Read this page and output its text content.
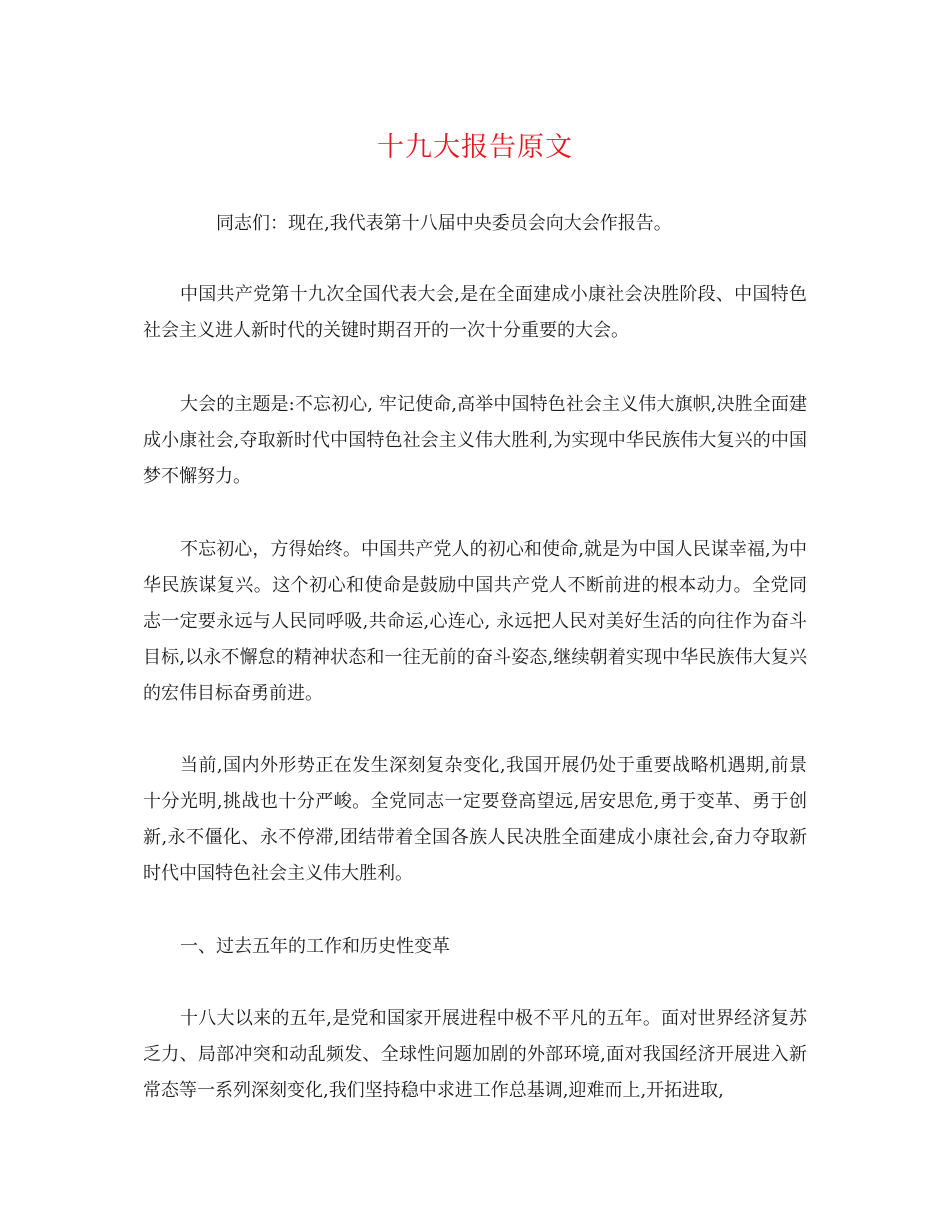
十九大报告原文

同志们：现在,我代表第十八届中央委员会向大会作报告。

中国共产党第十九次全国代表大会,是在全面建成小康社会决胜阶段、中国特色社会主义进人新时代的关键时期召开的一次十分重要的大会。

大会的主题是:不忘初心, 牢记使命,高举中国特色社会主义伟大旗帜,决胜全面建成小康社会,夺取新时代中国特色社会主义伟大胜利,为实现中华民族伟大复兴的中国梦不懈努力。

不忘初心，方得始终。中国共产党人的初心和使命,就是为中国人民谋幸福,为中华民族谋复兴。这个初心和使命是鼓励中国共产党人不断前进的根本动力。全党同志一定要永远与人民同呼吸,共命运,心连心, 永远把人民对美好生活的向往作为奋斗目标,以永不懈怠的精神状态和一往无前的奋斗姿态,继续朝着实现中华民族伟大复兴的宏伟目标奋勇前进。

当前,国内外形势正在发生深刻复杂变化,我国开展仍处于重要战略机遇期,前景十分光明,挑战也十分严峻。全党同志一定要登高望远,居安思危,勇于变革、勇于创新,永不僵化、永不停滞,团结带着全国各族人民决胜全面建成小康社会,奋力夺取新时代中国特色社会主义伟大胜利。

一、过去五年的工作和历史性变革

十八大以来的五年,是党和国家开展进程中极不平凡的五年。面对世界经济复苏乏力、局部冲突和动乱频发、全球性问题加剧的外部环境,面对我国经济开展进入新常态等一系列深刻变化,我们坚持稳中求进工作总基调,迎难而上,开拓进取,
